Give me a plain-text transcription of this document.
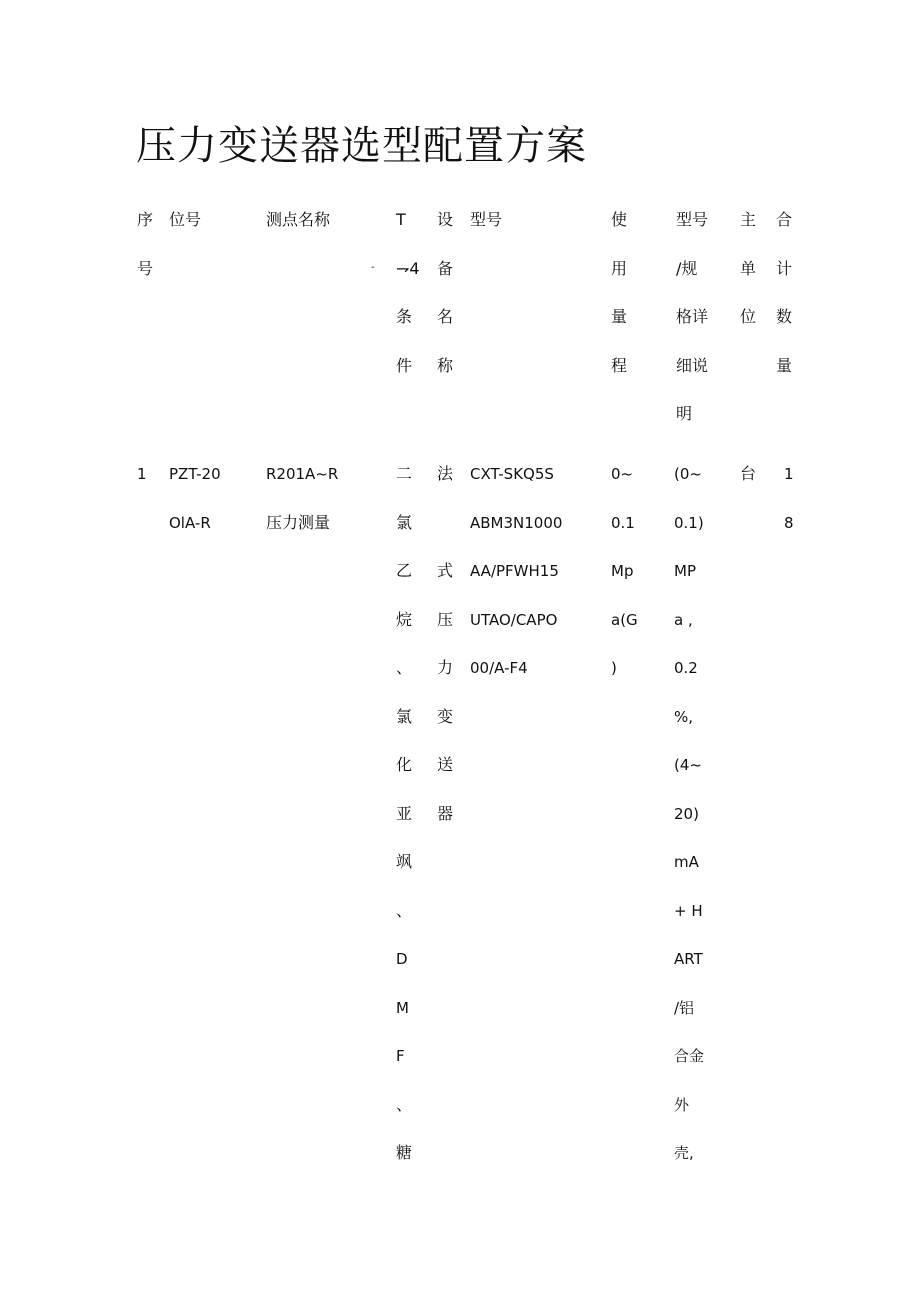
压力变送器选型配置方案
序
号
位号	测点名称
-
T
⇁4
条
件
设
备
名
称
型号	使
用
量
程
型号
/规
格详
细说
明
主
单
位
合
计
数
量
1 PZT-20
OlA-R
R201A~R
压力测量
二
氯
乙
烷
、
氯
化
亚
飒
、
D
M
F
、
糖
法
式
压
力
变
送
器
CXT-SKQ5S
ABM3N1000
AA/PFWH15
UTAO/CAPO
00/A-F4
0~
0.1
Mp
a(G
)
(0~
0.1)
MP
a ,
0.2
%,
(4~
20)
mA
+ H
ART
/铝
合金
外
壳,
台 1
8
